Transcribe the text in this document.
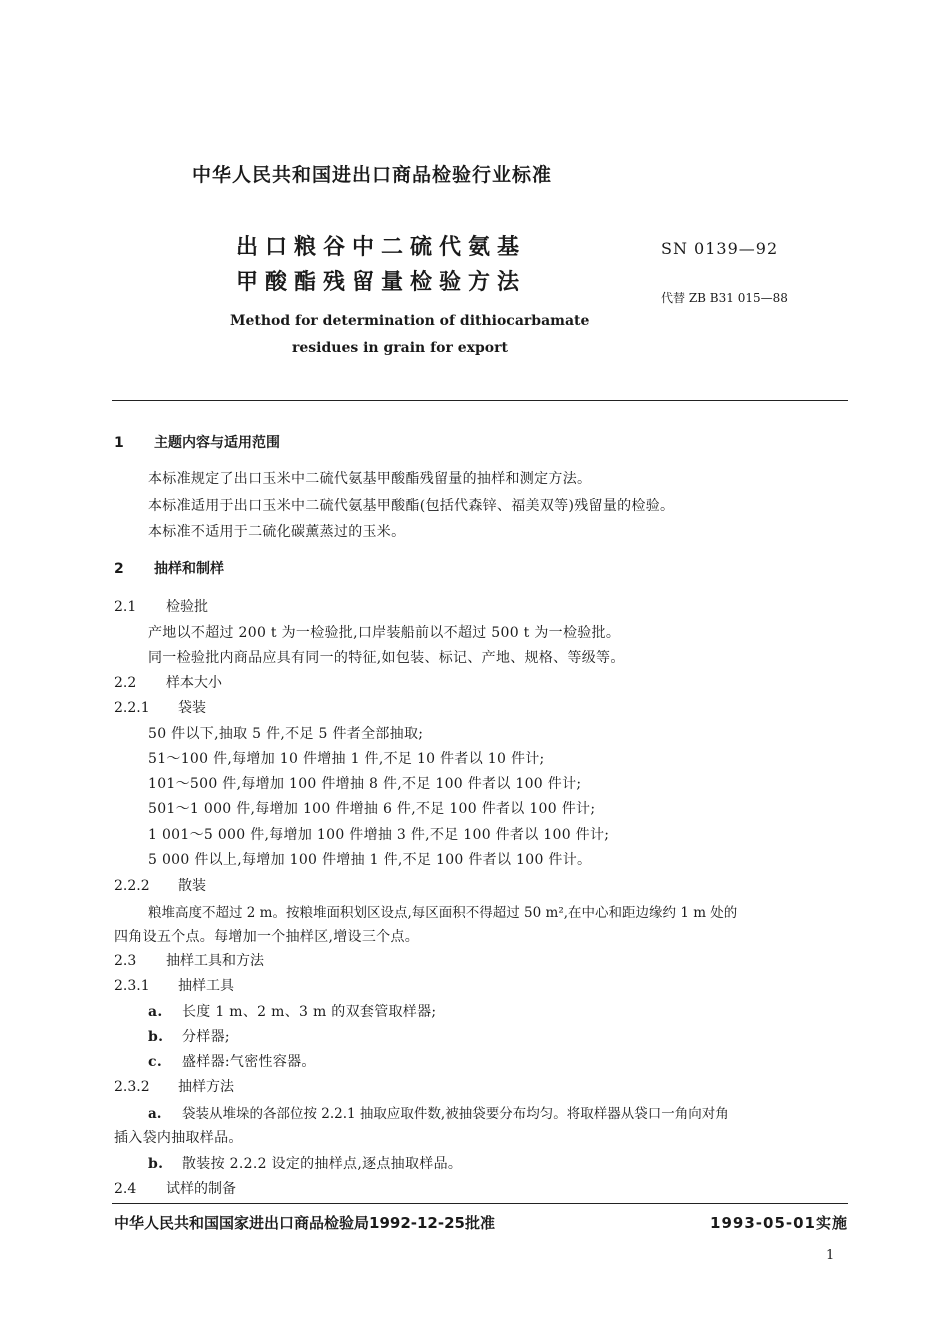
中华人民共和国进出口商品检验行业标准
出口粮谷中二硫代氨基
甲酸酯残留量检验方法
SN 0139—92
代替 ZB B31 015—88
Method for determination of dithiocarbamate
residues in grain for export
1 主题内容与适用范围
本标准规定了出口玉米中二硫代氨基甲酸酯残留量的抽样和测定方法。
本标准适用于出口玉米中二硫代氨基甲酸酯(包括代森锌、福美双等)残留量的检验。
本标准不适用于二硫化碳薰蒸过的玉米。
2 抽样和制样
2.1 检验批
产地以不超过 200 t 为一检验批,口岸装船前以不超过 500 t 为一检验批。
同一检验批内商品应具有同一的特征,如包装、标记、产地、规格、等级等。
2.2 样本大小
2.2.1 袋装
50 件以下,抽取 5 件,不足 5 件者全部抽取;
51～100 件,每增加 10 件增抽 1 件,不足 10 件者以 10 件计;
101～500 件,每增加 100 件增抽 8 件,不足 100 件者以 100 件计;
501～1 000 件,每增加 100 件增抽 6 件,不足 100 件者以 100 件计;
1 001～5 000 件,每增加 100 件增抽 3 件,不足 100 件者以 100 件计;
5 000 件以上,每增加 100 件增抽 1 件,不足 100 件者以 100 件计。
2.2.2 散装
粮堆高度不超过 2 m。按粮堆面积划区设点,每区面积不得超过 50 m²,在中心和距边缘约 1 m 处的
四角设五个点。每增加一个抽样区,增设三个点。
2.3 抽样工具和方法
2.3.1 抽样工具
a. 长度 1 m、2 m、3 m 的双套管取样器;
b. 分样器;
c. 盛样器:气密性容器。
2.3.2 抽样方法
a. 袋装从堆垛的各部位按 2.2.1 抽取应取件数,被抽袋要分布均匀。将取样器从袋口一角向对角
插入袋内抽取样品。
b. 散装按 2.2.2 设定的抽样点,逐点抽取样品。
2.4 试样的制备
中华人民共和国国家进出口商品检验局1992-12-25批准	1993-05-01实施
1
